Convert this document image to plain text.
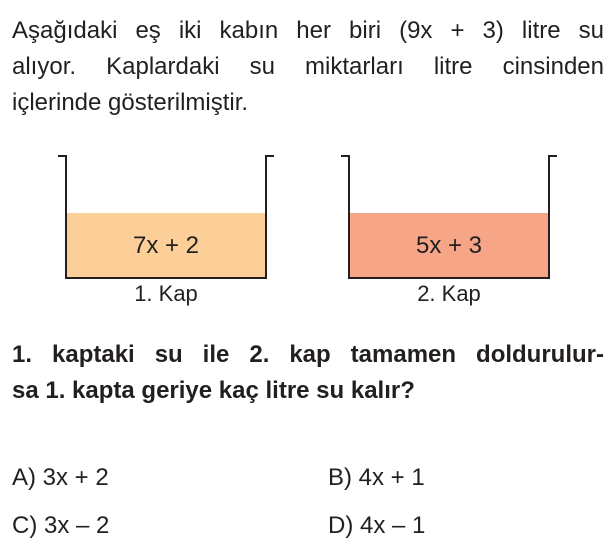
Aşağıdaki eş iki kabın her biri (9x + 3) litre su
alıyor. Kaplardaki su miktarları litre cinsinden
içlerinde gösterilmiştir.

7x + 2	5x + 3
1. Kap	2. Kap

1. kaptaki su ile 2. kap tamamen doldurulur-
sa 1. kapta geriye kaç litre su kalır?

A) 3x + 2	B) 4x + 1
C) 3x – 2	D) 4x – 1
